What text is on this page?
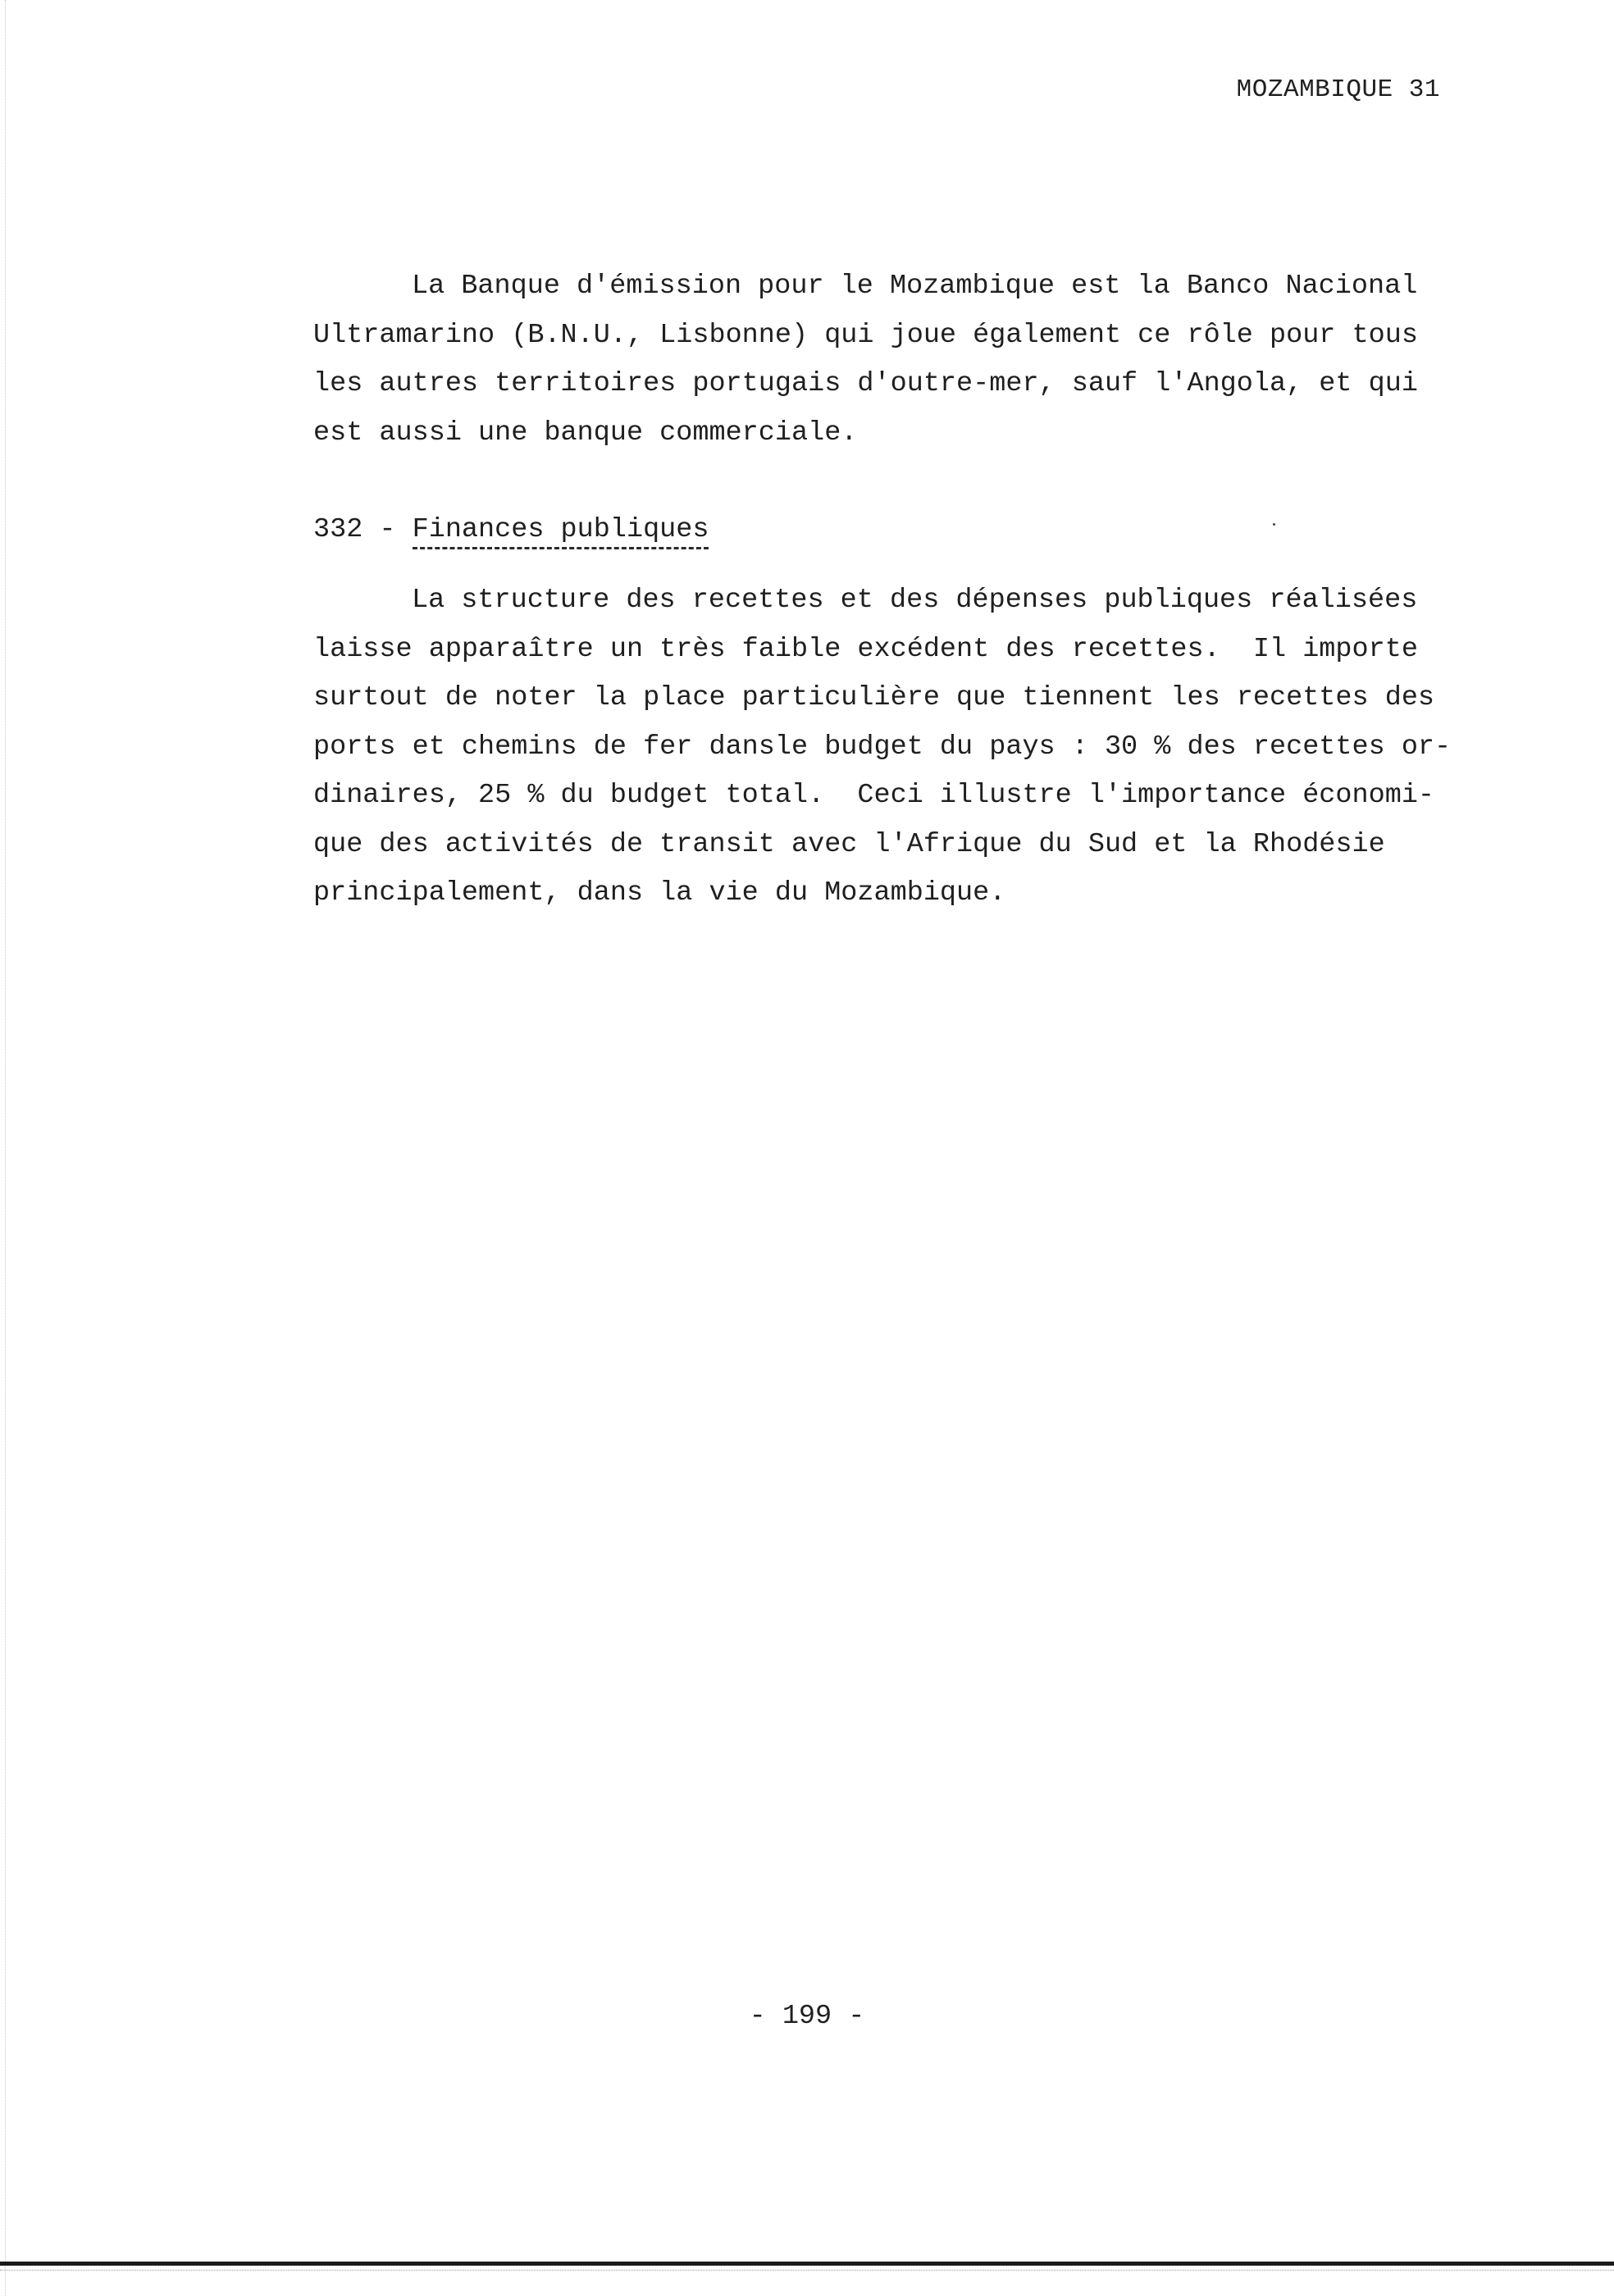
MOZAMBIQUE 31

La Banque d'émission pour le Mozambique est la Banco Nacional
Ultramarino (B.N.U., Lisbonne) qui joue également ce rôle pour tous
les autres territoires portugais d'outre-mer, sauf l'Angola, et qui
est aussi une banque commerciale.

332 - Finances publiques

La structure des recettes et des dépenses publiques réalisées
laisse apparaître un très faible excédent des recettes.  Il importe
surtout de noter la place particulière que tiennent les recettes des
ports et chemins de fer dansle budget du pays : 30 % des recettes or-
dinaires, 25 % du budget total.  Ceci illustre l'importance économi-
que des activités de transit avec l'Afrique du Sud et la Rhodésie
principalement, dans la vie du Mozambique.

- 199 -
